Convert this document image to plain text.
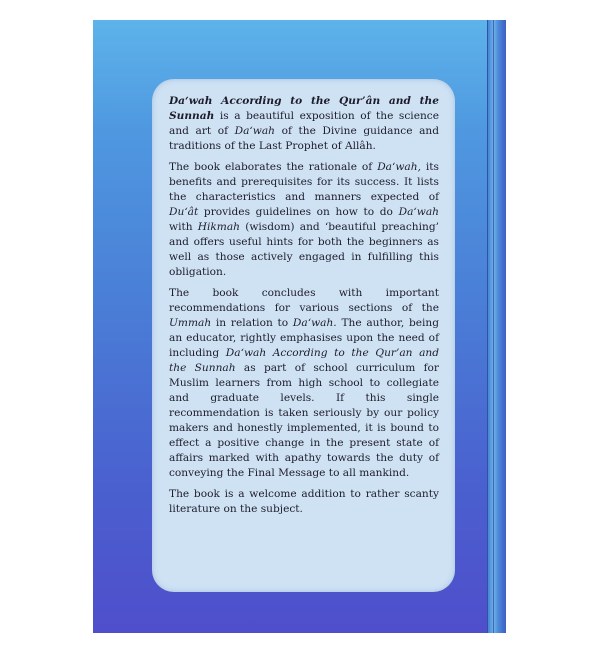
Da‘wah According to the Qur’ân and the Sunnah is a beautiful exposition of the science and art of Da‘wah of the Divine guidance and traditions of the Last Prophet of Allâh.

The book elaborates the rationale of Da‘wah, its benefits and prerequisites for its success. It lists the characteristics and manners expected of Du‘ât provides guidelines on how to do Da‘wah with Hikmah (wisdom) and ‘beautiful preaching’ and offers useful hints for both the beginners as well as those actively engaged in fulfilling this obligation.

The book concludes with important recommendations for various sections of the Ummah in relation to Da‘wah. The author, being an educator, rightly emphasises upon the need of including Da‘wah According to the Qur’an and the Sunnah as part of school curriculum for Muslim learners from high school to collegiate and graduate levels. If this single recommendation is taken seriously by our policy makers and honestly implemented, it is bound to effect a positive change in the present state of affairs marked with apathy towards the duty of conveying the Final Message to all mankind.

The book is a welcome addition to rather scanty literature on the subject.
